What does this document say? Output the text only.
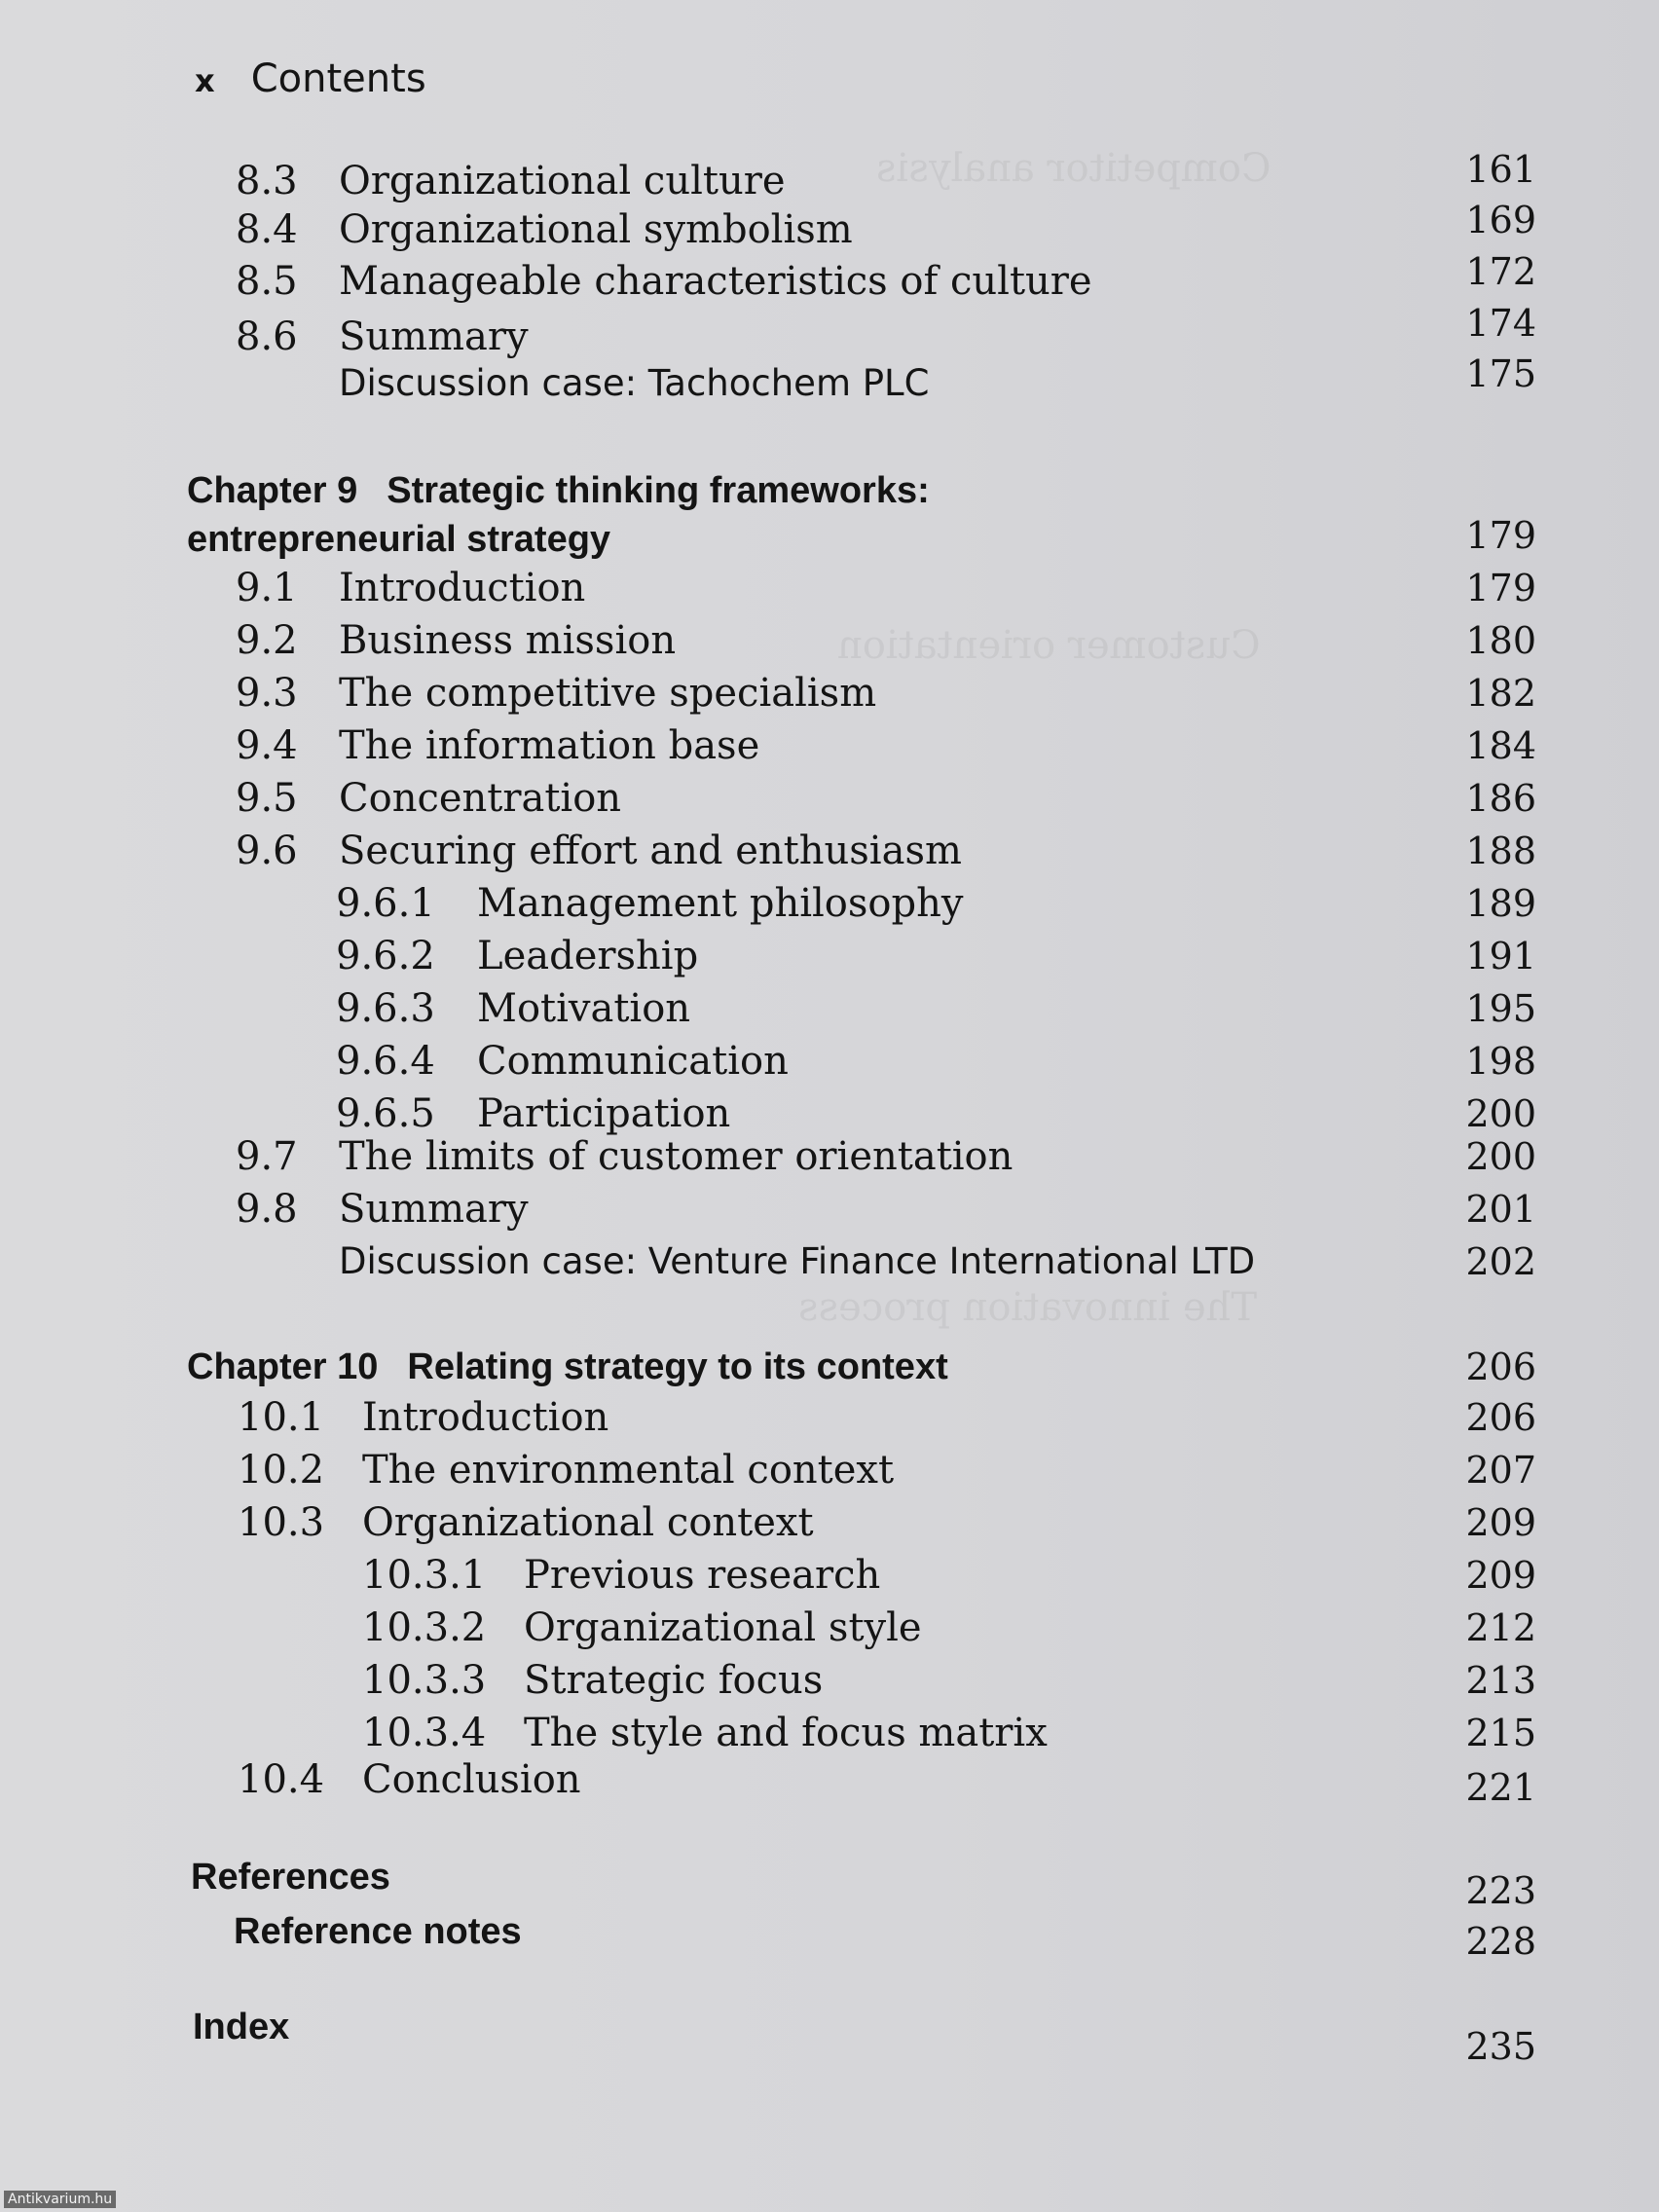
Competitor analysis
Customer orientation
The innovation process
x Contents
8.3 Organizational culture	161
8.4 Organizational symbolism	169
8.5 Manageable characteristics of culture	172
8.6 Summary	174
Discussion case: Tachochem PLC	175
Chapter 9 Strategic thinking frameworks:
entrepreneurial strategy	179
9.1 Introduction	179
9.2 Business mission	180
9.3 The competitive specialism	182
9.4 The information base	184
9.5 Concentration	186
9.6 Securing effort and enthusiasm	188
9.6.1 Management philosophy	189
9.6.2 Leadership	191
9.6.3 Motivation	195
9.6.4 Communication	198
9.6.5 Participation	200
9.7 The limits of customer orientation	200
9.8 Summary	201
Discussion case: Venture Finance International LTD	202
Chapter 10 Relating strategy to its context	206
10.1 Introduction	206
10.2 The environmental context	207
10.3 Organizational context	209
10.3.1 Previous research	209
10.3.2 Organizational style	212
10.3.3 Strategic focus	213
10.3.4 The style and focus matrix	215
10.4 Conclusion	221
References	223
Reference notes	228
Index	235
Antikvarium.hu
